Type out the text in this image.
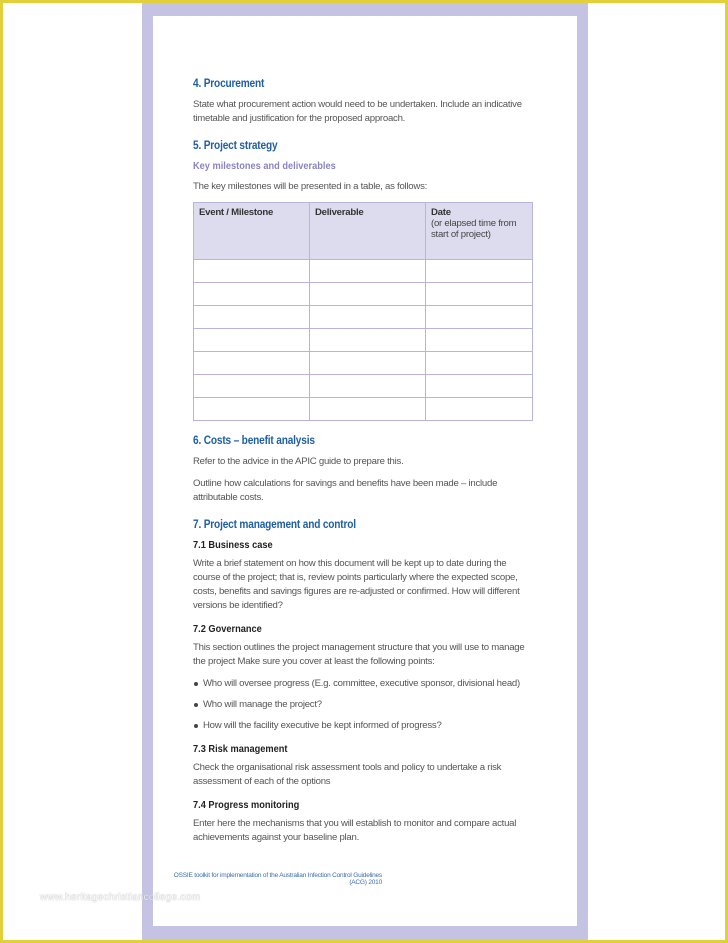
4. Procurement

State what procurement action would need to be undertaken. Include an indicative timetable and justification for the proposed approach.

5. Project strategy
Key milestones and deliverables

The key milestones will be presented in a table, as follows:

Event / Milestone	Deliverable	Date
(or elapsed time from start of project)

6. Costs – benefit analysis

Refer to the advice in the APIC guide to prepare this.

Outline how calculations for savings and benefits have been made – include attributable costs.

7. Project management and control
7.1 Business case

Write a brief statement on how this document will be kept up to date during the course of the project; that is, review points particularly where the expected scope, costs, benefits and savings figures are re-adjusted or confirmed. How will different versions be identified?

7.2 Governance

This section outlines the project management structure that you will use to manage the project Make sure you cover at least the following points:

Who will oversee progress (E.g. committee, executive sponsor, divisional head)
Who will manage the project?
How will the facility executive be kept informed of progress?
7.3 Risk management

Check the organisational risk assessment tools and policy to undertake a risk assessment of each of the options

7.4 Progress monitoring

Enter here the mechanisms that you will establish to monitor and compare actual achievements against your baseline plan.

OSSIE toolkit for implementation of the Australian Infection Control Guidelines (ACG) 2010
www.heritagechristiancollege.com
